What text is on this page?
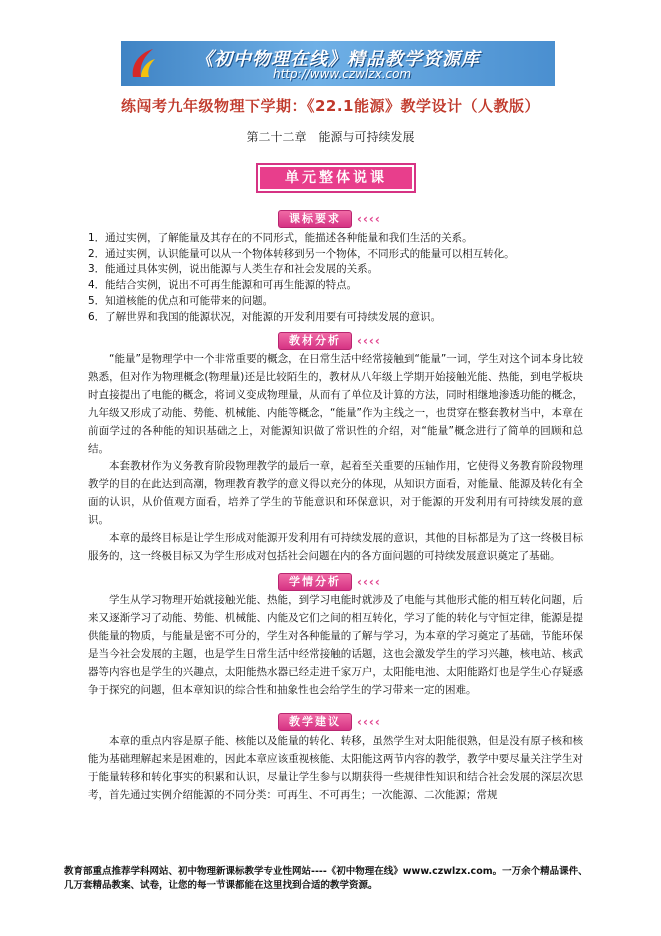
《初中物理在线》精品教学资源库
http://www.czwlzx.com
练闯考九年级物理下学期：《22.1能源》教学设计（人教版）
第二十二章　能源与可持续发展
单元整体说课
课标要求	‹‹‹‹
1．通过实例，了解能量及其存在的不同形式，能描述各种能量和我们生活的关系。
2．通过实例，认识能量可以从一个物体转移到另一个物体，不同形式的能量可以相互转化。
3．能通过具体实例，说出能源与人类生存和社会发展的关系。
4．能结合实例，说出不可再生能源和可再生能源的特点。
5．知道核能的优点和可能带来的问题。
6．了解世界和我国的能源状况，对能源的开发利用要有可持续发展的意识。
教材分析	‹‹‹‹

“能量”是物理学中一个非常重要的概念，在日常生活中经常接触到“能量”一词，学生对这个词本身比较熟悉，但对作为物理概念(物理量)还是比较陌生的，教材从八年级上学期开始接触光能、热能，到电学板块时直接提出了电能的概念，将词义变成物理量，从而有了单位及计算的方法，同时相继地渗透功能的概念，九年级又形成了动能、势能、机械能、内能等概念，“能量”作为主线之一，也贯穿在整套教材当中，本章在前面学过的各种能的知识基础之上，对能源知识做了常识性的介绍，对“能量”概念进行了简单的回顾和总结。

本套教材作为义务教育阶段物理教学的最后一章，起着至关重要的压轴作用，它使得义务教育阶段物理教学的目的在此达到高潮，物理教育教学的意义得以充分的体现，从知识方面看，对能量、能源及转化有全面的认识，从价值观方面看，培养了学生的节能意识和环保意识，对于能源的开发利用有可持续发展的意识。

本章的最终目标是让学生形成对能源开发利用有可持续发展的意识，其他的目标都是为了这一终极目标服务的，这一终极目标又为学生形成对包括社会问题在内的各方面问题的可持续发展意识奠定了基础。

学情分析	‹‹‹‹

学生从学习物理开始就接触光能、热能，到学习电能时就涉及了电能与其他形式能的相互转化问题，后来又逐渐学习了动能、势能、机械能、内能及它们之间的相互转化，学习了能的转化与守恒定律，能源是提供能量的物质，与能量是密不可分的，学生对各种能量的了解与学习，为本章的学习奠定了基础，节能环保是当今社会发展的主题，也是学生日常生活中经常接触的话题，这也会激发学生的学习兴趣，核电站、核武器等内容也是学生的兴趣点，太阳能热水器已经走进千家万户，太阳能电池、太阳能路灯也是学生心存疑惑争于探究的问题，但本章知识的综合性和抽象性也会给学生的学习带来一定的困难。

教学建议	‹‹‹‹

本章的重点内容是原子能、核能以及能量的转化、转移，虽然学生对太阳能很熟，但是没有原子核和核能为基础理解起来是困难的，因此本章应该重视核能、太阳能这两节内容的教学，教学中要尽量关注学生对于能量转移和转化事实的积累和认识，尽量让学生参与以期获得一些规律性知识和结合社会发展的深层次思考，首先通过实例介绍能源的不同分类：可再生、不可再生；一次能源、二次能源；常规

教育部重点推荐学科网站、初中物理新课标教学专业性网站----《初中物理在线》www.czwlzx.com。一万余个精品课件、
几万套精品教案、试卷，让您的每一节课都能在这里找到合适的教学资源。
